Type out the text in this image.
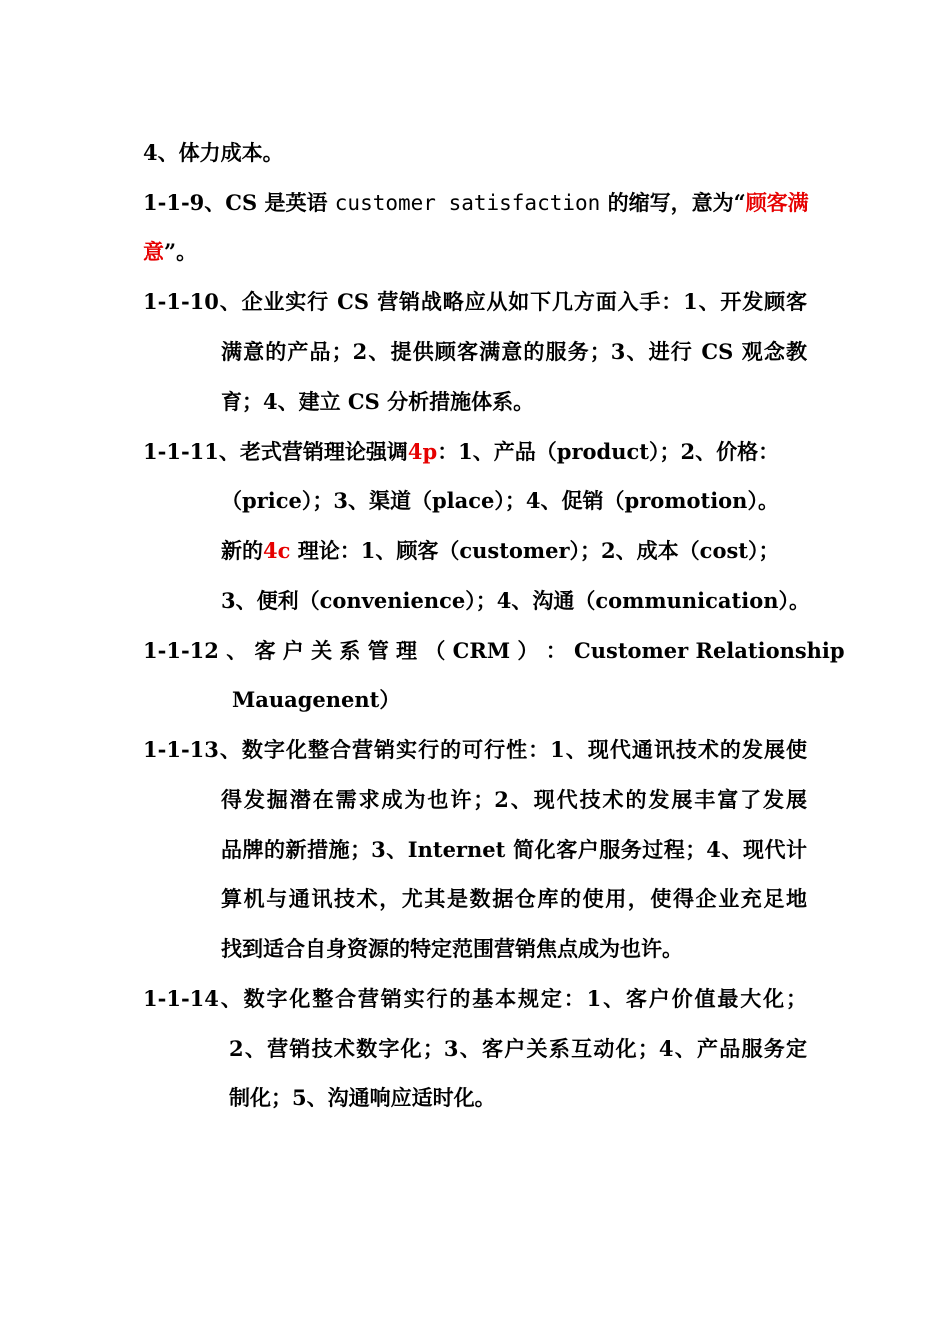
4、体力成本。
1-1-9、CS 是英语 customer satisfaction 的缩写，意为“顾客满
意”。
1-1-10、企业实行 CS 营销战略应从如下几方面入手：1、开发顾客
满意的产品；2、提供顾客满意的服务；3、进行 CS 观念教
育；4、建立 CS 分析措施体系。
1-1-11、老式营销理论强调4p：1、产品（product）；2、价格：
（price）；3、渠道（place）；4、促销（promotion）。
新的4c 理论：1、顾客（customer）；2、成本（cost）；
3、便利（convenience）；4、沟通（communication）。
1-1-12 、 客 户 关 系 管 理 （ CRM ） ： Customer Relationship
Mauagenent）
1-1-13、数字化整合营销实行的可行性：1、现代通讯技术的发展使
得发掘潜在需求成为也许；2、现代技术的发展丰富了发展
品牌的新措施；3、Internet 简化客户服务过程；4、现代计
算机与通讯技术，尤其是数据仓库的使用，使得企业充足地
找到适合自身资源的特定范围营销焦点成为也许。
1-1-14、数字化整合营销实行的基本规定：1、客户价值最大化；
2、营销技术数字化；3、客户关系互动化；4、产品服务定
制化；5、沟通响应适时化。
